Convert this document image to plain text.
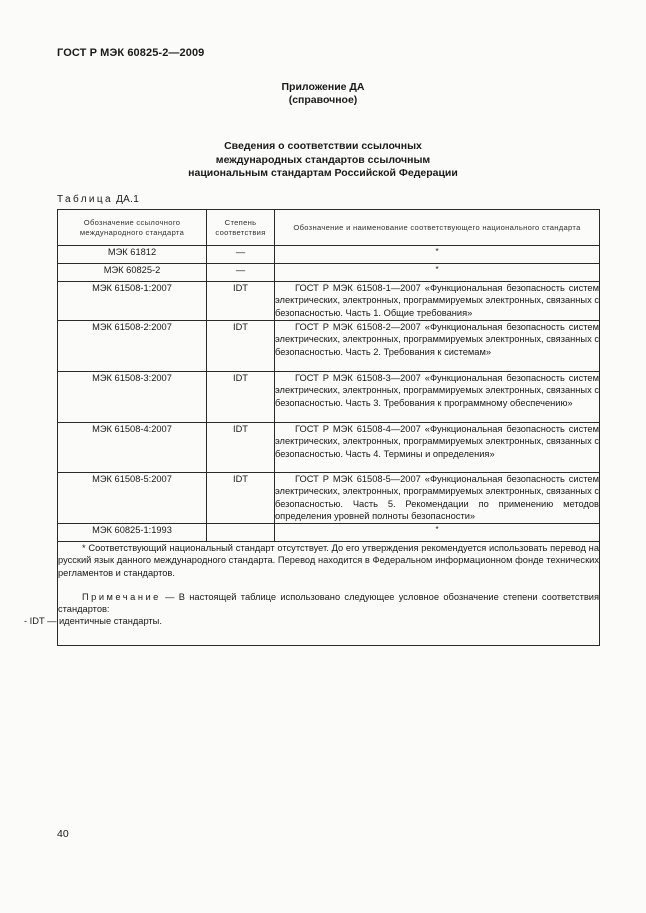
ГОСТ Р МЭК 60825-2—2009
Приложение ДА
(справочное)
Сведения о соответствии ссылочных
международных стандартов ссылочным
национальным стандартам Российской Федерации
Таблица ДА.1
Обозначение ссылочного международного стандарта	Степень соответствия	Обозначение и наименование соответствующего национального стандарта
МЭК 61812	—	*
МЭК 60825-2	—	*
МЭК 61508-1:2007	IDT	ГОСТ Р МЭК 61508-1—2007 «Функциональная безопасность систем электрических, электронных, программируемых электронных, связанных с безопасностью. Часть 1. Общие требования»
МЭК 61508-2:2007	IDT	ГОСТ Р МЭК 61508-2—2007 «Функциональная безопасность систем электрических, электронных, программируемых электронных, связанных с безопасностью. Часть 2. Требования к системам»
МЭК 61508-3:2007	IDT	ГОСТ Р МЭК 61508-3—2007 «Функциональная безопасность систем электрических, электронных, программируемых электронных, связанных с безопасностью. Часть 3. Требования к программному обеспечению»
МЭК 61508-4:2007	IDT	ГОСТ Р МЭК 61508-4—2007 «Функциональная безопасность систем электрических, электронных, программируемых электронных, связанных с безопасностью. Часть 4. Термины и определения»
МЭК 61508-5:2007	IDT	ГОСТ Р МЭК 61508-5—2007 «Функциональная безопасность систем электрических, электронных, программируемых электронных, связанных с безопасностью. Часть 5. Рекомендации по применению методов определения уровней полноты безопасности»
МЭК 60825-1:1993		*

* Соответствующий национальный стандарт отсутствует. До его утверждения рекомендуется использовать перевод на русский язык данного международного стандарта. Перевод находится в Федеральном информационном фонде технических регламентов и стандартов.

Примечание — В настоящей таблице использовано следующее условное обозначение степени соответствия стандартов:

- IDT — идентичные стандарты.		

40
